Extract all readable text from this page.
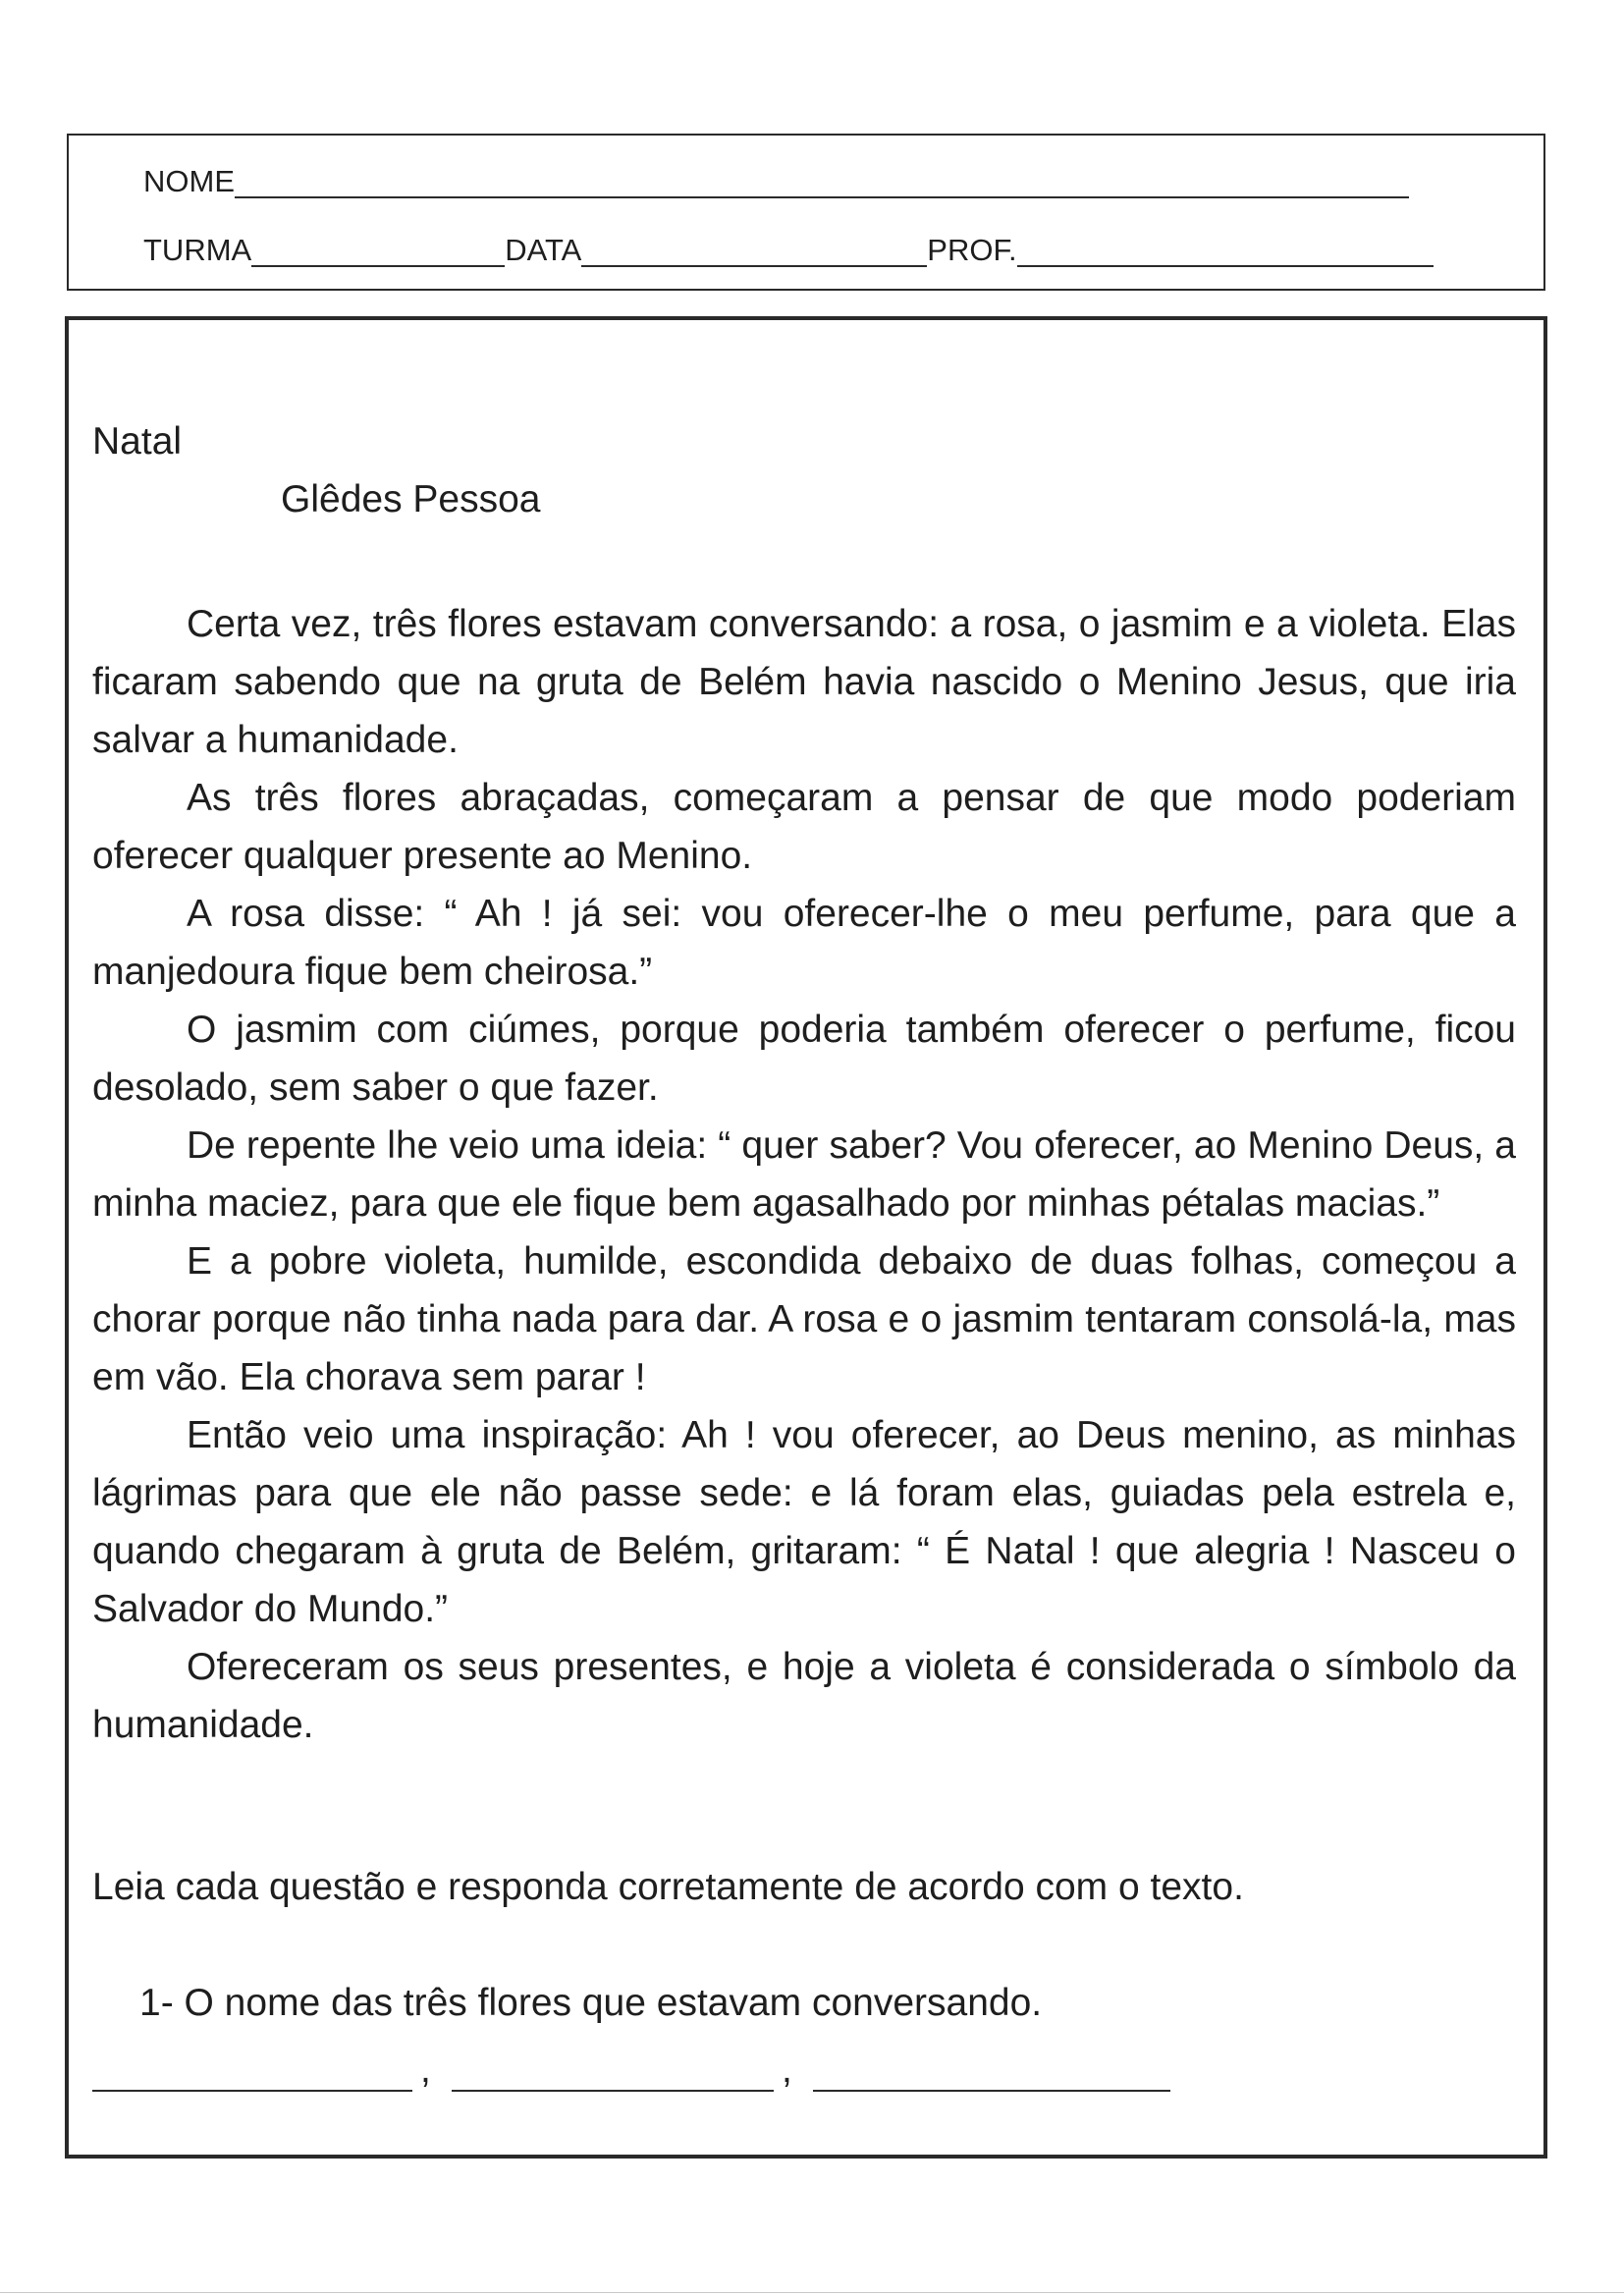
NOME
TURMA	DATA	PROF.
Natal
Glêdes Pessoa

Certa vez, três flores estavam conversando: a rosa, o jasmim e a violeta. Elas ficaram sabendo que na gruta de Belém havia nascido o Menino Jesus, que iria salvar a humanidade.

As três flores abraçadas, começaram a pensar de que modo poderiam oferecer qualquer presente ao Menino.

A rosa disse: “ Ah ! já sei: vou oferecer-lhe o meu perfume, para que a manjedoura fique bem cheirosa.”

O jasmim com ciúmes, porque poderia também oferecer o perfume, ficou desolado, sem saber o que fazer.

De repente lhe veio uma ideia: “ quer saber? Vou oferecer, ao Menino Deus, a minha maciez, para que ele fique bem agasalhado por minhas pétalas macias.”

E a pobre violeta, humilde, escondida debaixo de duas folhas, começou a chorar porque não tinha nada para dar. A rosa e o jasmim tentaram consolá-la, mas em vão. Ela chorava sem parar !

Então veio uma inspiração: Ah ! vou oferecer, ao Deus menino, as minhas lágrimas para que ele não passe sede: e lá foram elas, guiadas pela estrela e, quando chegaram à gruta de Belém, gritaram: “ É Natal ! que alegria ! Nasceu o Salvador do Mundo.”

Ofereceram os seus presentes, e hoje a violeta é considerada o símbolo da humanidade.

Leia cada questão e responda corretamente de acordo com o texto.
1- O nome das três flores que estavam conversando.
,	,
